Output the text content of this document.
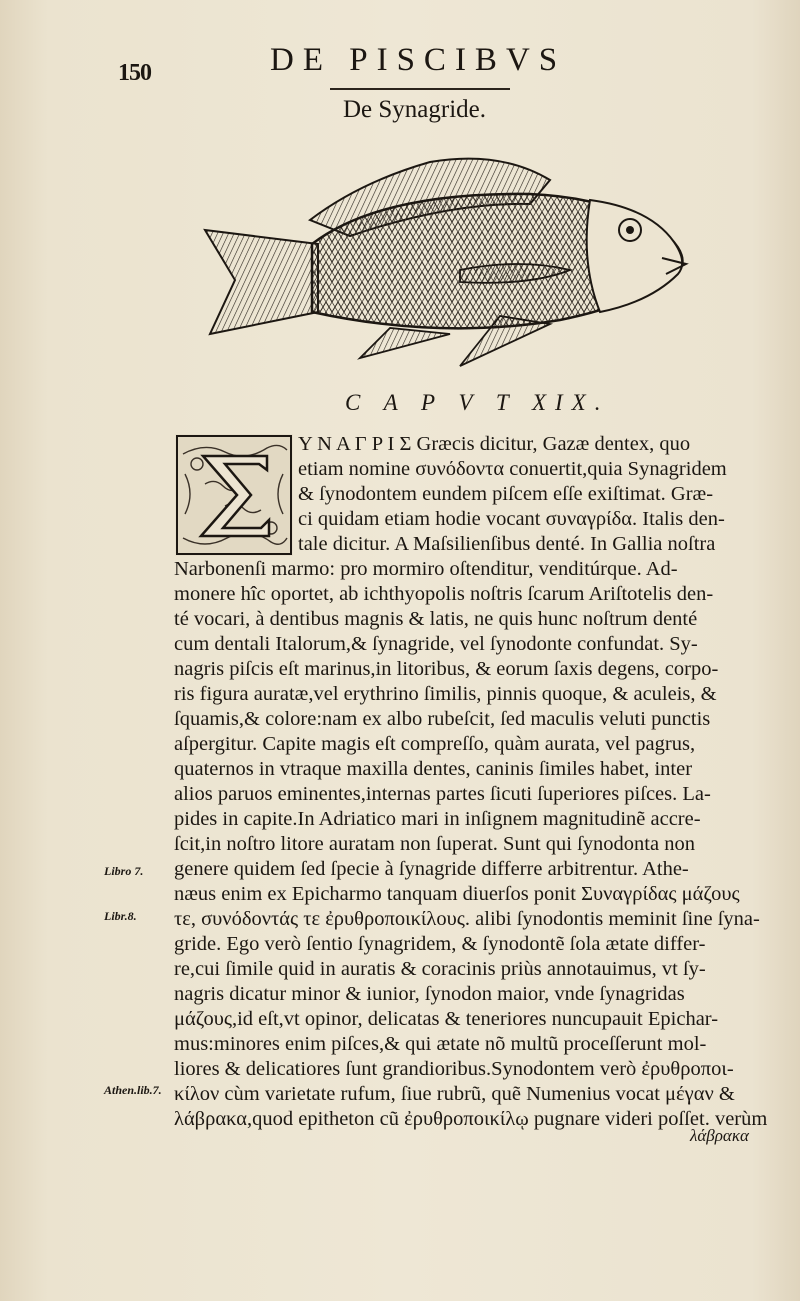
150	DE PISCIBVS
De Synagride.
C A P V T XIX.
Y N A Γ P I Σ Græcis dicitur, Gazæ dentex, quo
etiam nomine συνόδοντα conuertit,quia Synagridem
& ſynodontem eundem piſcem eſſe exiſtimat. Græ-
ci quidam etiam hodie vocant συναγρίδα. Italis den-
tale dicitur. A Maſsilienſibus denté. In Gallia noſtra
Narbonenſi marmo: pro mormiro oſtenditur, venditúrque. Ad-
monere hîc oportet, ab ichthyopolis noſtris ſcarum Ariſtotelis den-
té vocari, à dentibus magnis & latis, ne quis hunc noſtrum denté
cum dentali Italorum,& ſynagride, vel ſynodonte confundat. Sy-
nagris piſcis eſt marinus,in litoribus, & eorum ſaxis degens, corpo-
ris figura auratæ,vel erythrino ſimilis, pinnis quoque, & aculeis, &
ſquamis,& colore:nam ex albo rubeſcit, ſed maculis veluti punctis
aſpergitur. Capite magis eſt compreſſo, quàm aurata, vel pagrus,
quaternos in vtraque maxilla dentes, caninis ſimiles habet, inter
alios paruos eminentes,internas partes ſicuti ſuperiores piſces. La-
pides in capite.In Adriatico mari in inſignem magnitudinẽ accre-
ſcit,in noſtro litore auratam non ſuperat. Sunt qui ſynodonta non
genere quidem ſed ſpecie à ſynagride differre arbitrentur. Athe-
næus enim ex Epicharmo tanquam diuerſos ponit Συναγρίδας μάζους
τε, συνόδοντάς τε ἐρυθροποικίλους. alibi ſynodontis meminit ſine ſyna-
gride. Ego verò ſentio ſynagridem, & ſynodontẽ ſola ætate differ-
re,cui ſimile quid in auratis & coracinis priùs annotauimus, vt ſy-
nagris dicatur minor & iunior, ſynodon maior, vnde ſynagridas
μάζους,id eſt,vt opinor, delicatas & teneriores nuncupauit Epichar-
mus:minores enim piſces,& qui ætate nõ multũ proceſſerunt mol-
liores & delicatiores ſunt grandioribus.Synodontem verò ἐρυθροποι-
κίλον cùm varietate rufum, ſiue rubrũ, quẽ Numenius vocat μέγαν &
λάβρακα,quod epitheton cũ ἐρυθροποικίλῳ pugnare videri poſſet. verùm
Libro 7.
Libr.8.
Athen.lib.7.
λάβρακα
